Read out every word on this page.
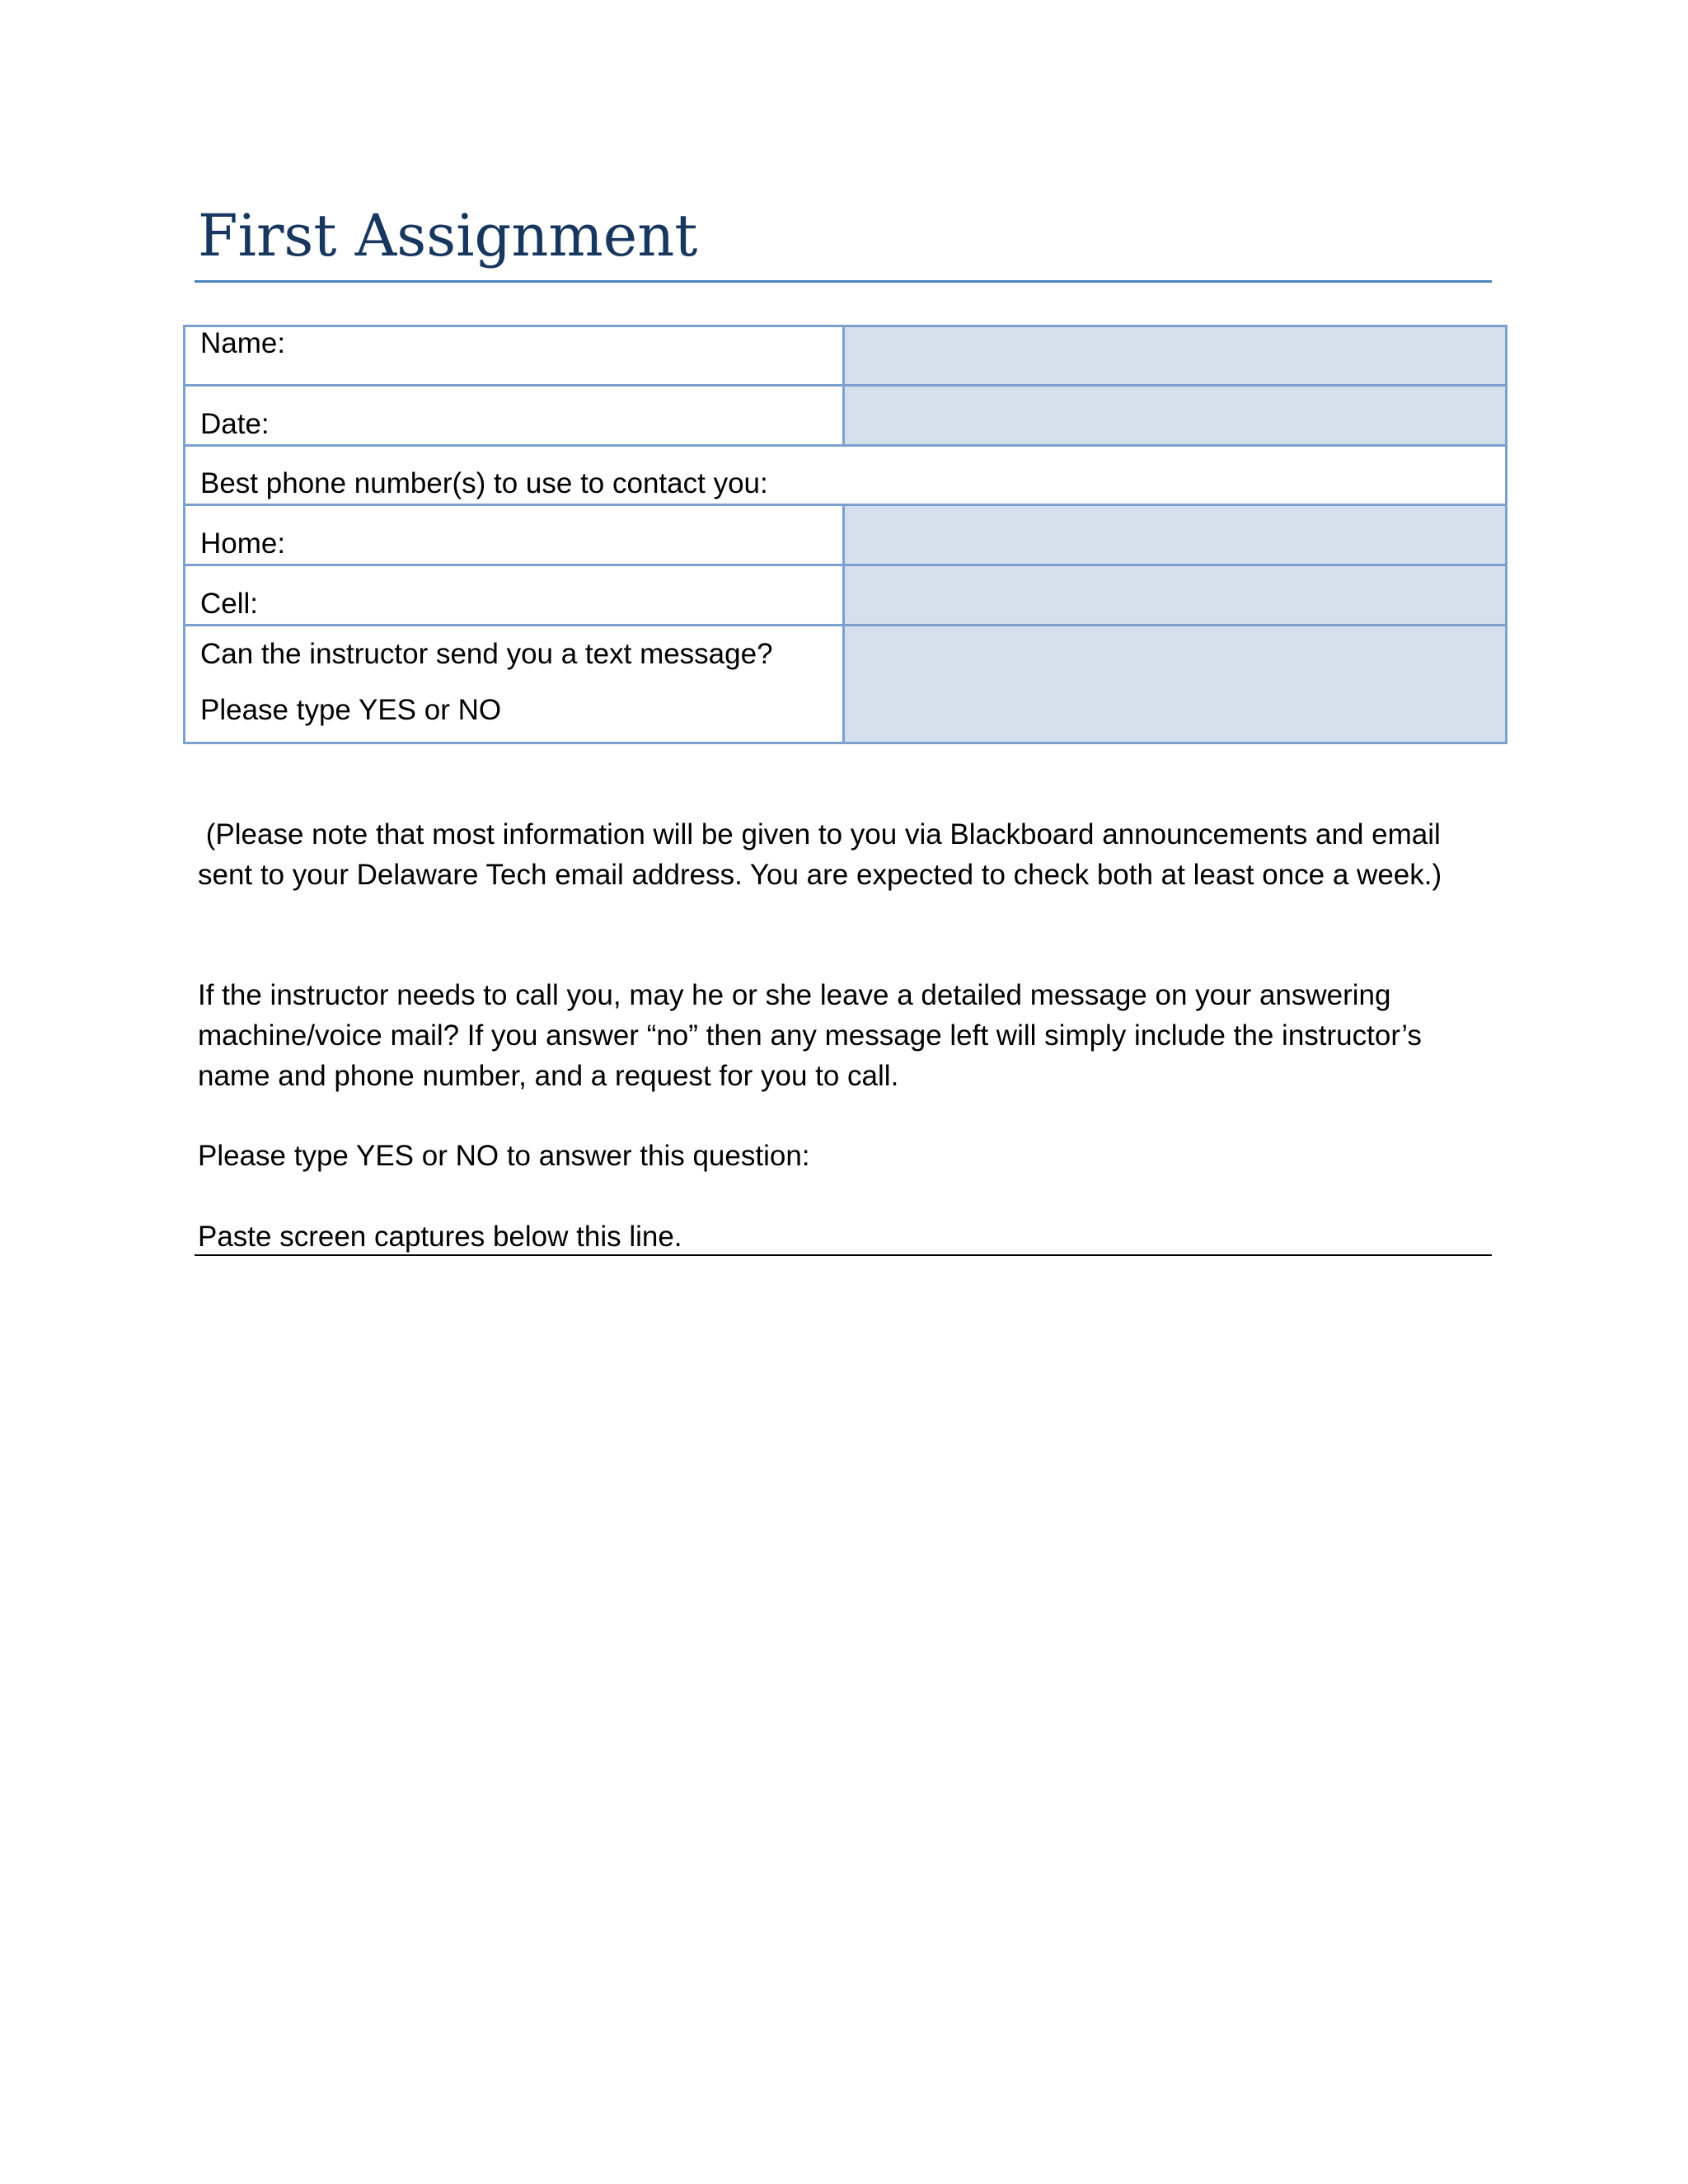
First Assignment
Name:	
Date:	
Best phone number(s) to use to contact you:	
Home:	
Cell:	

Can the instructor send you a text message?
Please type YES or NO	

(Please note that most information will be given to you via Blackboard announcements and email sent to your Delaware Tech email address. You are expected to check both at least once a week.)

If the instructor needs to call you, may he or she leave a detailed message on your answering machine/voice mail? If you answer “no” then any message left will simply include the instructor’s name and phone number, and a request for you to call.

Please type YES or NO to answer this question:

Paste screen captures below this line.
